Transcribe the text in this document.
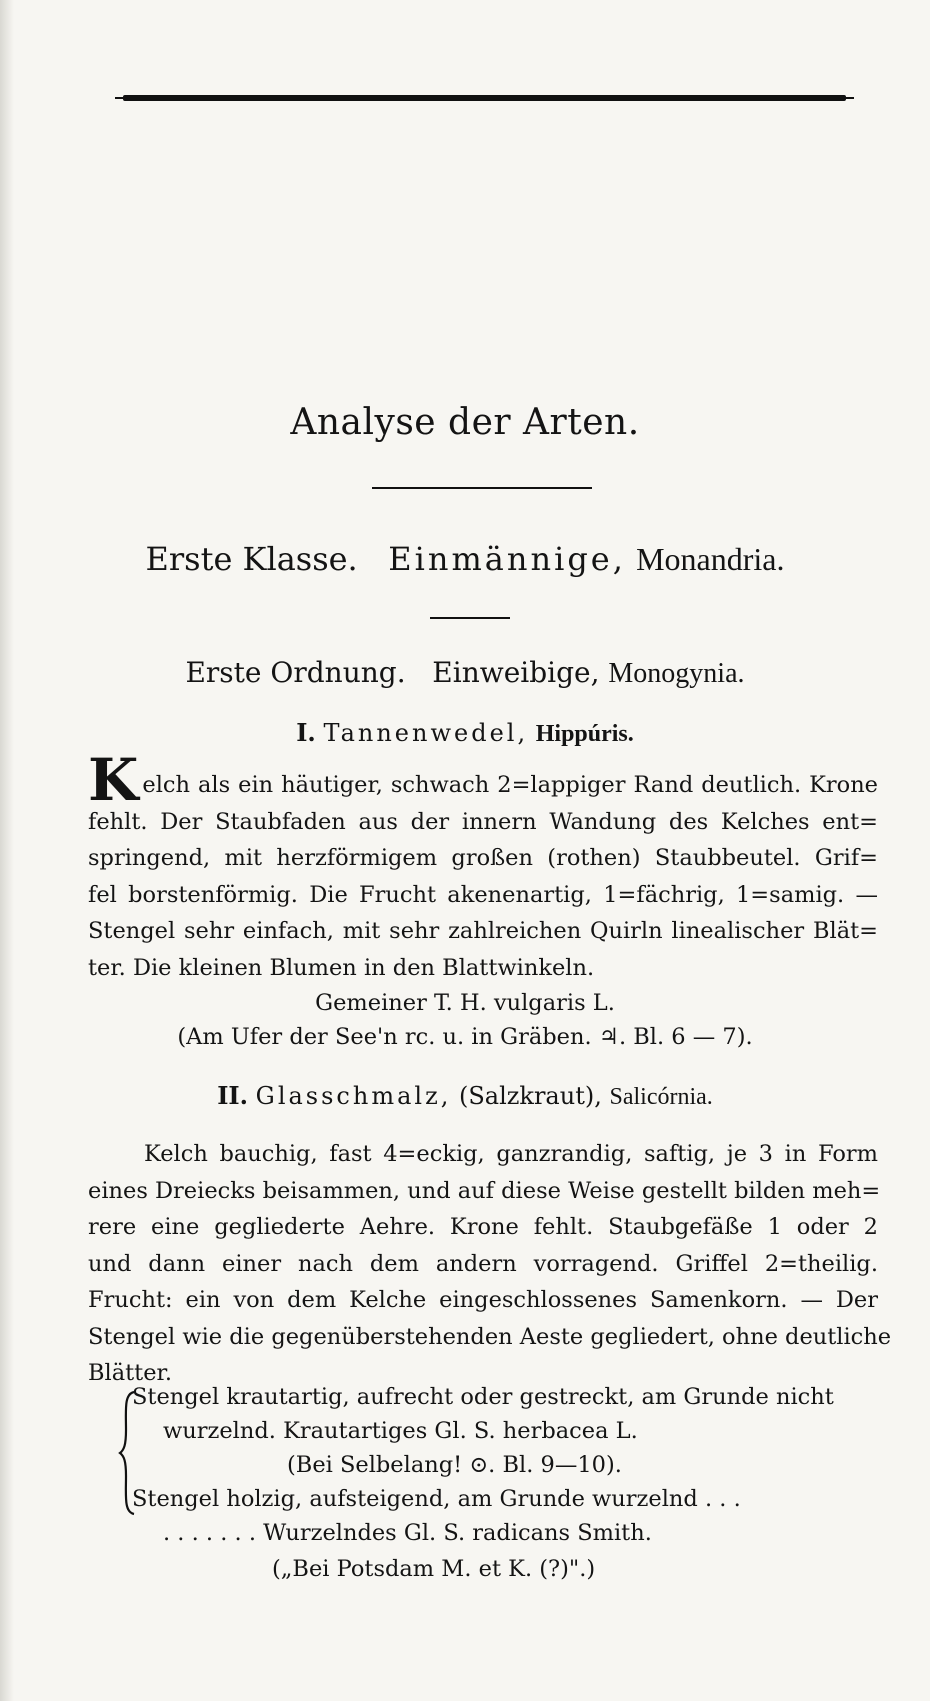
Analyse der Arten.
Erste Klasse. Einmännige, Monandria.
Erste Ordnung. Einweibige, Monogynia.
I. Tannenwedel, Hippúris.
Kelch als ein häutiger, schwach 2=lappiger Rand deutlich. Krone
fehlt. Der Staubfaden aus der innern Wandung des Kelches ent=
springend, mit herzförmigem großen (rothen) Staubbeutel. Grif=
fel borstenförmig. Die Frucht akenenartig, 1=fächrig, 1=samig. —
Stengel sehr einfach, mit sehr zahlreichen Quirln linealischer Blät=
ter. Die kleinen Blumen in den Blattwinkeln.
Gemeiner T. H. vulgaris L.
(Am Ufer der See'n rc. u. in Gräben. ♃. Bl. 6 — 7).
II. Glasschmalz, (Salzkraut), Salicórnia.
Kelch bauchig, fast 4=eckig, ganzrandig, saftig, je 3 in Form
eines Dreiecks beisammen, und auf diese Weise gestellt bilden meh=
rere eine gegliederte Aehre. Krone fehlt. Staubgefäße 1 oder 2
und dann einer nach dem andern vorragend. Griffel 2=theilig.
Frucht: ein von dem Kelche eingeschlossenes Samenkorn. — Der
Stengel wie die gegenüberstehenden Aeste gegliedert, ohne deutliche
Blätter.
Stengel krautartig, aufrecht oder gestreckt, am Grunde nicht
wurzelnd. Krautartiges Gl. S. herbacea L.
(Bei Selbelang! ⊙. Bl. 9—10).
Stengel holzig, aufsteigend, am Grunde wurzelnd . . .
. . . . . . . Wurzelndes Gl. S. radicans Smith.
(„Bei Potsdam M. et K. (?)".)
